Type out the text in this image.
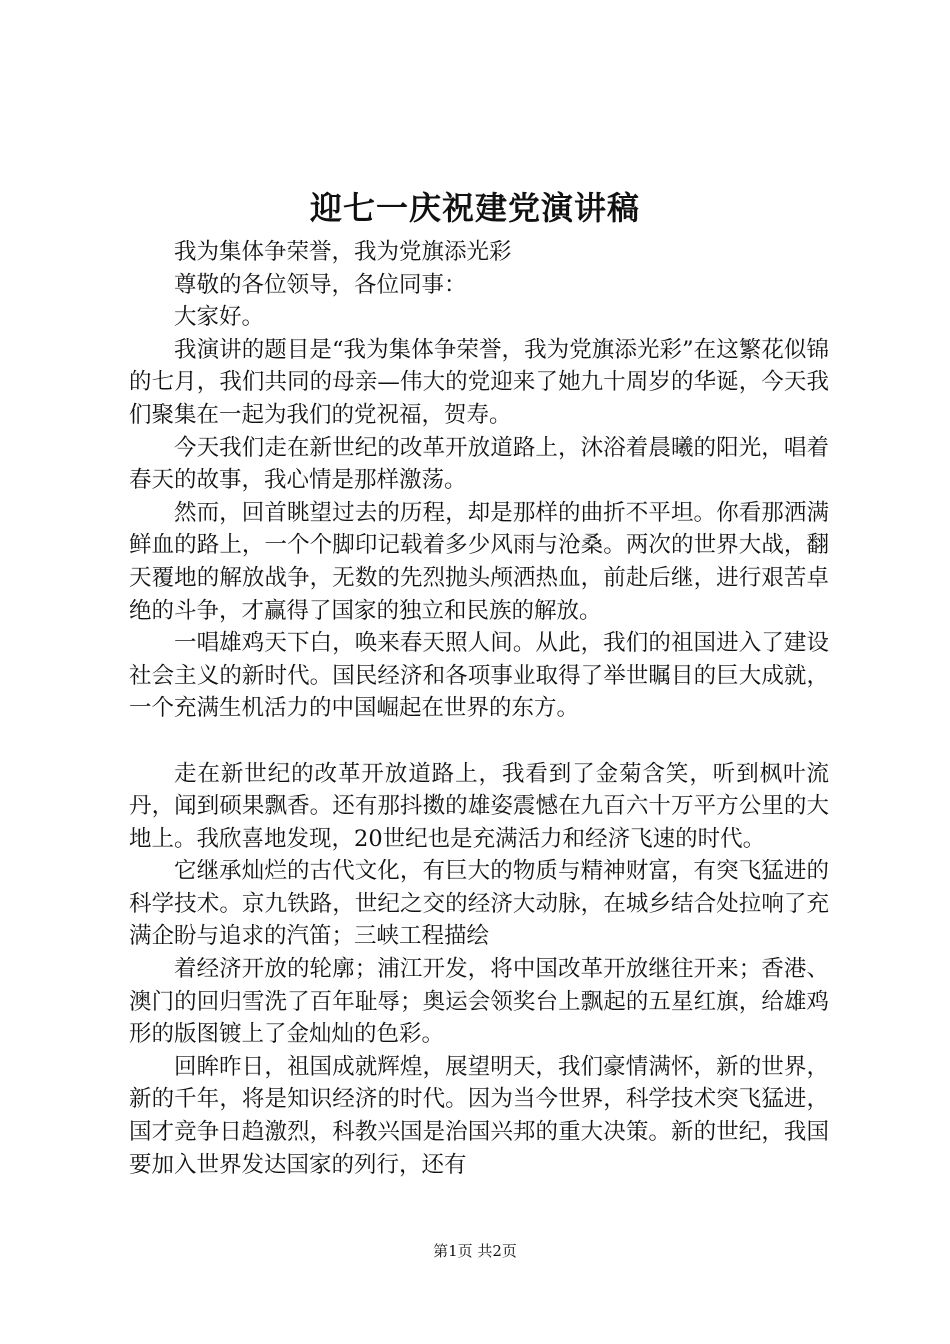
迎七一庆祝建党演讲稿

我为集体争荣誉，我为党旗添光彩

尊敬的各位领导，各位同事：

大家好。

我演讲的题目是“我为集体争荣誉，我为党旗添光彩”在这繁花似锦的七月，我们共同的母亲—伟大的党迎来了她九十周岁的华诞，今天我们聚集在一起为我们的党祝福，贺寿。

今天我们走在新世纪的改革开放道路上，沐浴着晨曦的阳光，唱着春天的故事，我心情是那样激荡。

然而，回首眺望过去的历程，却是那样的曲折不平坦。你看那洒满鲜血的路上，一个个脚印记载着多少风雨与沧桑。两次的世界大战，翻天覆地的解放战争，无数的先烈抛头颅洒热血，前赴后继，进行艰苦卓绝的斗争，才赢得了国家的独立和民族的解放。

一唱雄鸡天下白，唤来春天照人间。从此，我们的祖国进入了建设社会主义的新时代。国民经济和各项事业取得了举世瞩目的巨大成就，一个充满生机活力的中国崛起在世界的东方。

走在新世纪的改革开放道路上，我看到了金菊含笑，听到枫叶流丹，闻到硕果飘香。还有那抖擞的雄姿震憾在九百六十万平方公里的大地上。我欣喜地发现，20世纪也是充满活力和经济飞速的时代。

它继承灿烂的古代文化，有巨大的物质与精神财富，有突飞猛进的科学技术。京九铁路，世纪之交的经济大动脉，在城乡结合处拉响了充满企盼与追求的汽笛；三峡工程描绘

着经济开放的轮廓；浦江开发，将中国改革开放继往开来；香港、澳门的回归雪洗了百年耻辱；奥运会领奖台上飘起的五星红旗，给雄鸡形的版图镀上了金灿灿的色彩。

回眸昨日，祖国成就辉煌，展望明天，我们豪情满怀，新的世界，新的千年，将是知识经济的时代。因为当今世界，科学技术突飞猛进，国才竞争日趋激烈，科教兴国是治国兴邦的重大决策。新的世纪，我国要加入世界发达国家的列行，还有

第1页 共2页
